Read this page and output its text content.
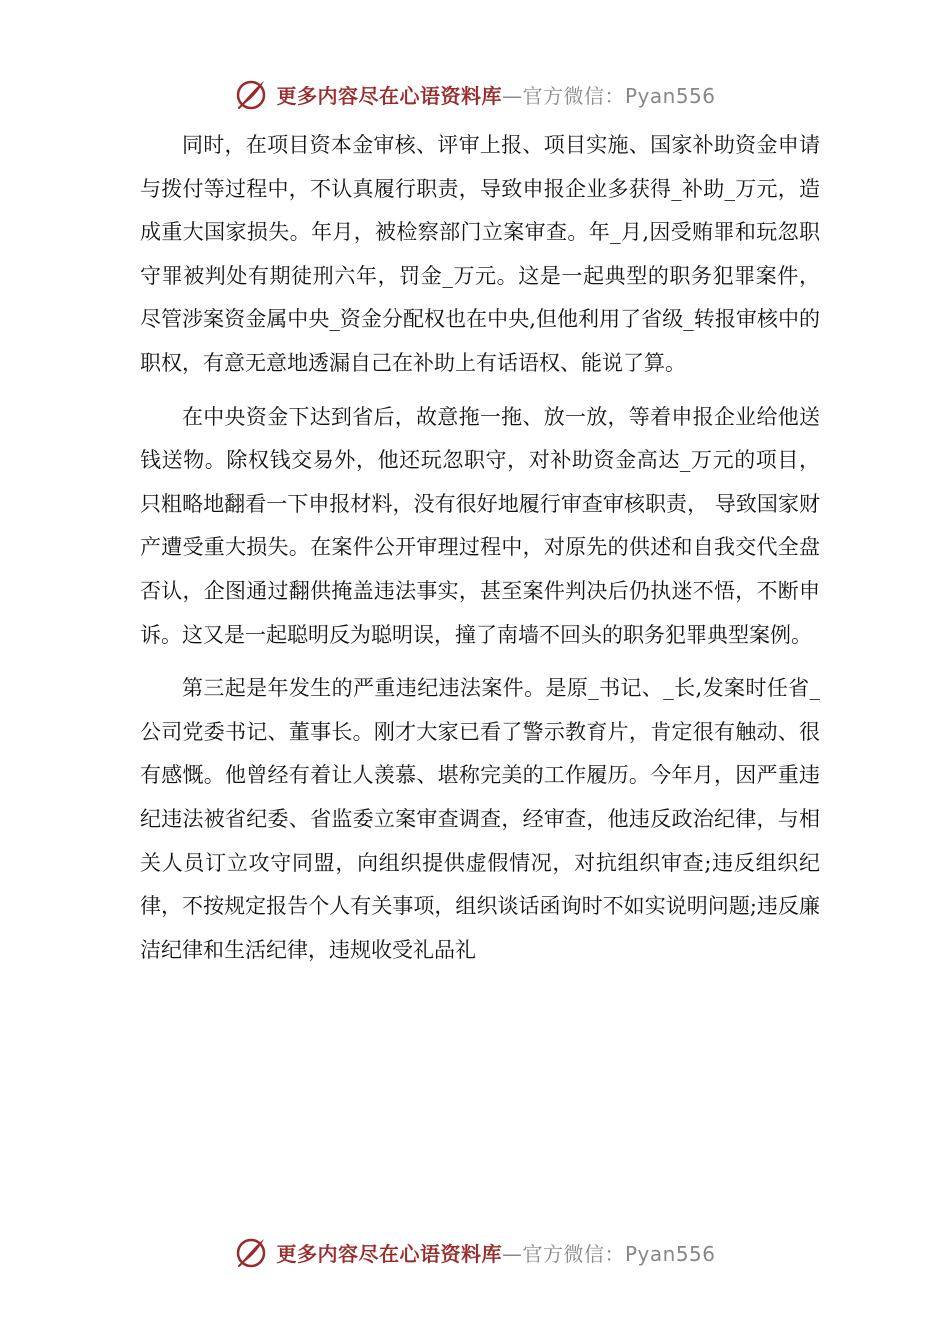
更多内容尽在心语资料库—官方微信：Pyan556

同时，在项目资本金审核、评审上报、项目实施、国家补助资金申请与拨付等过程中，不认真履行职责，导致申报企业多获得_补助_万元，造成重大国家损失。年月，被检察部门立案审查。年_月,因受贿罪和玩忽职守罪被判处有期徒刑六年，罚金_万元。这是一起典型的职务犯罪案件，尽管涉案资金属中央_资金分配权也在中央,但他利用了省级_转报审核中的职权，有意无意地透漏自己在补助上有话语权、能说了算。

在中央资金下达到省后，故意拖一拖、放一放，等着申报企业给他送钱送物。除权钱交易外，他还玩忽职守，对补助资金高达_万元的项目，只粗略地翻看一下申报材料，没有很好地履行审查审核职责， 导致国家财产遭受重大损失。在案件公开审理过程中，对原先的供述和自我交代全盘否认，企图通过翻供掩盖违法事实，甚至案件判决后仍执迷不悟，不断申诉。这又是一起聪明反为聪明误，撞了南墙不回头的职务犯罪典型案例。

第三起是年发生的严重违纪违法案件。是原_书记、_长,发案时任省_公司党委书记、董事长。刚才大家已看了警示教育片，肯定很有触动、很有感慨。他曾经有着让人羡慕、堪称完美的工作履历。今年月，因严重违纪违法被省纪委、省监委立案审查调查，经审查，他违反政治纪律，与相关人员订立攻守同盟，向组织提供虚假情况，对抗组织审查;违反组织纪律，不按规定报告个人有关事项，组织谈话函询时不如实说明问题;违反廉洁纪律和生活纪律，违规收受礼品礼

更多内容尽在心语资料库—官方微信：Pyan556
